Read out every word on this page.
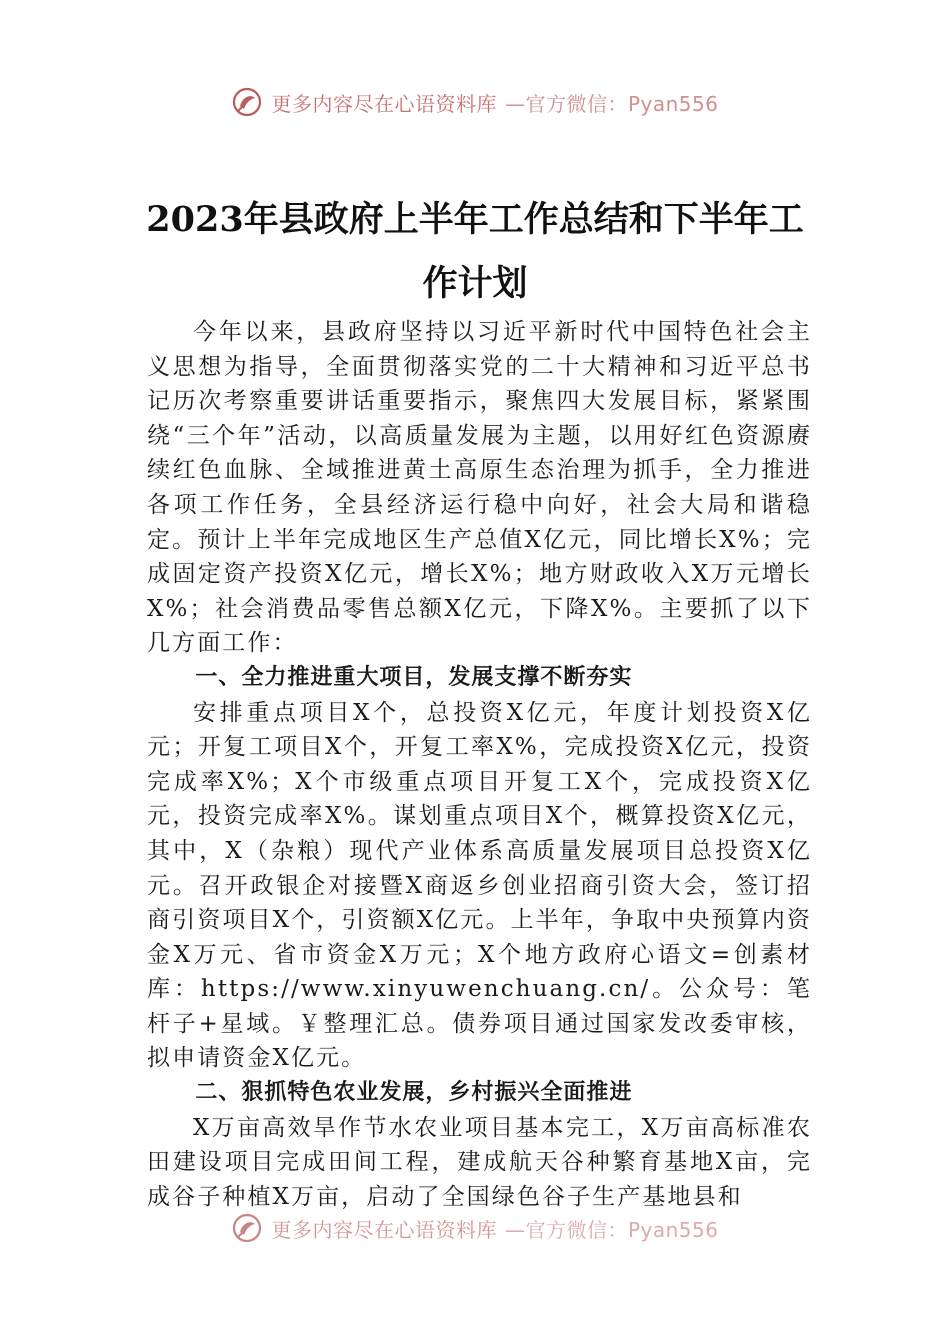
更多内容尽在心语资料库 —官方微信：Pyan556
2023年县政府上半年工作总结和下半年工
作计划

今年以来，县政府坚持以习近平新时代中国特色社会主义思想为指导，全面贯彻落实党的二十大精神和习近平总书记历次考察重要讲话重要指示，聚焦四大发展目标，紧紧围绕“三个年”活动，以高质量发展为主题，以用好红色资源赓续红色血脉、全域推进黄土高原生态治理为抓手，全力推进各项工作任务，全县经济运行稳中向好，社会大局和谐稳定。预计上半年完成地区生产总值X亿元，同比增长X%；完成固定资产投资X亿元，增长X%；地方财政收入X万元增长X%；社会消费品零售总额X亿元，下降X%。主要抓了以下几方面工作：

一、全力推进重大项目，发展支撑不断夯实

安排重点项目X个，总投资X亿元，年度计划投资X亿元；开复工项目X个，开复工率X%，完成投资X亿元，投资完成率X%；X个市级重点项目开复工X个，完成投资X亿元，投资完成率X%。谋划重点项目X个，概算投资X亿元，其中，X（杂粮）现代产业体系高质量发展项目总投资X亿元。召开政银企对接暨X商返乡创业招商引资大会，签订招商引资项目X个，引资额X亿元。上半年，争取中央预算内资金X万元、省市资金X万元；X个地方政府心语文=创素材库：https://www.xinyuwenchuang.cn/。公众号：笔杆子+星域。￥整理汇总。债券项目通过国家发改委审核，拟申请资金X亿元。

二、狠抓特色农业发展，乡村振兴全面推进

X万亩高效旱作节水农业项目基本完工，X万亩高标准农田建设项目完成田间工程，建成航天谷种繁育基地X亩，完成谷子种植X万亩，启动了全国绿色谷子生产基地县和

更多内容尽在心语资料库 —官方微信：Pyan556
